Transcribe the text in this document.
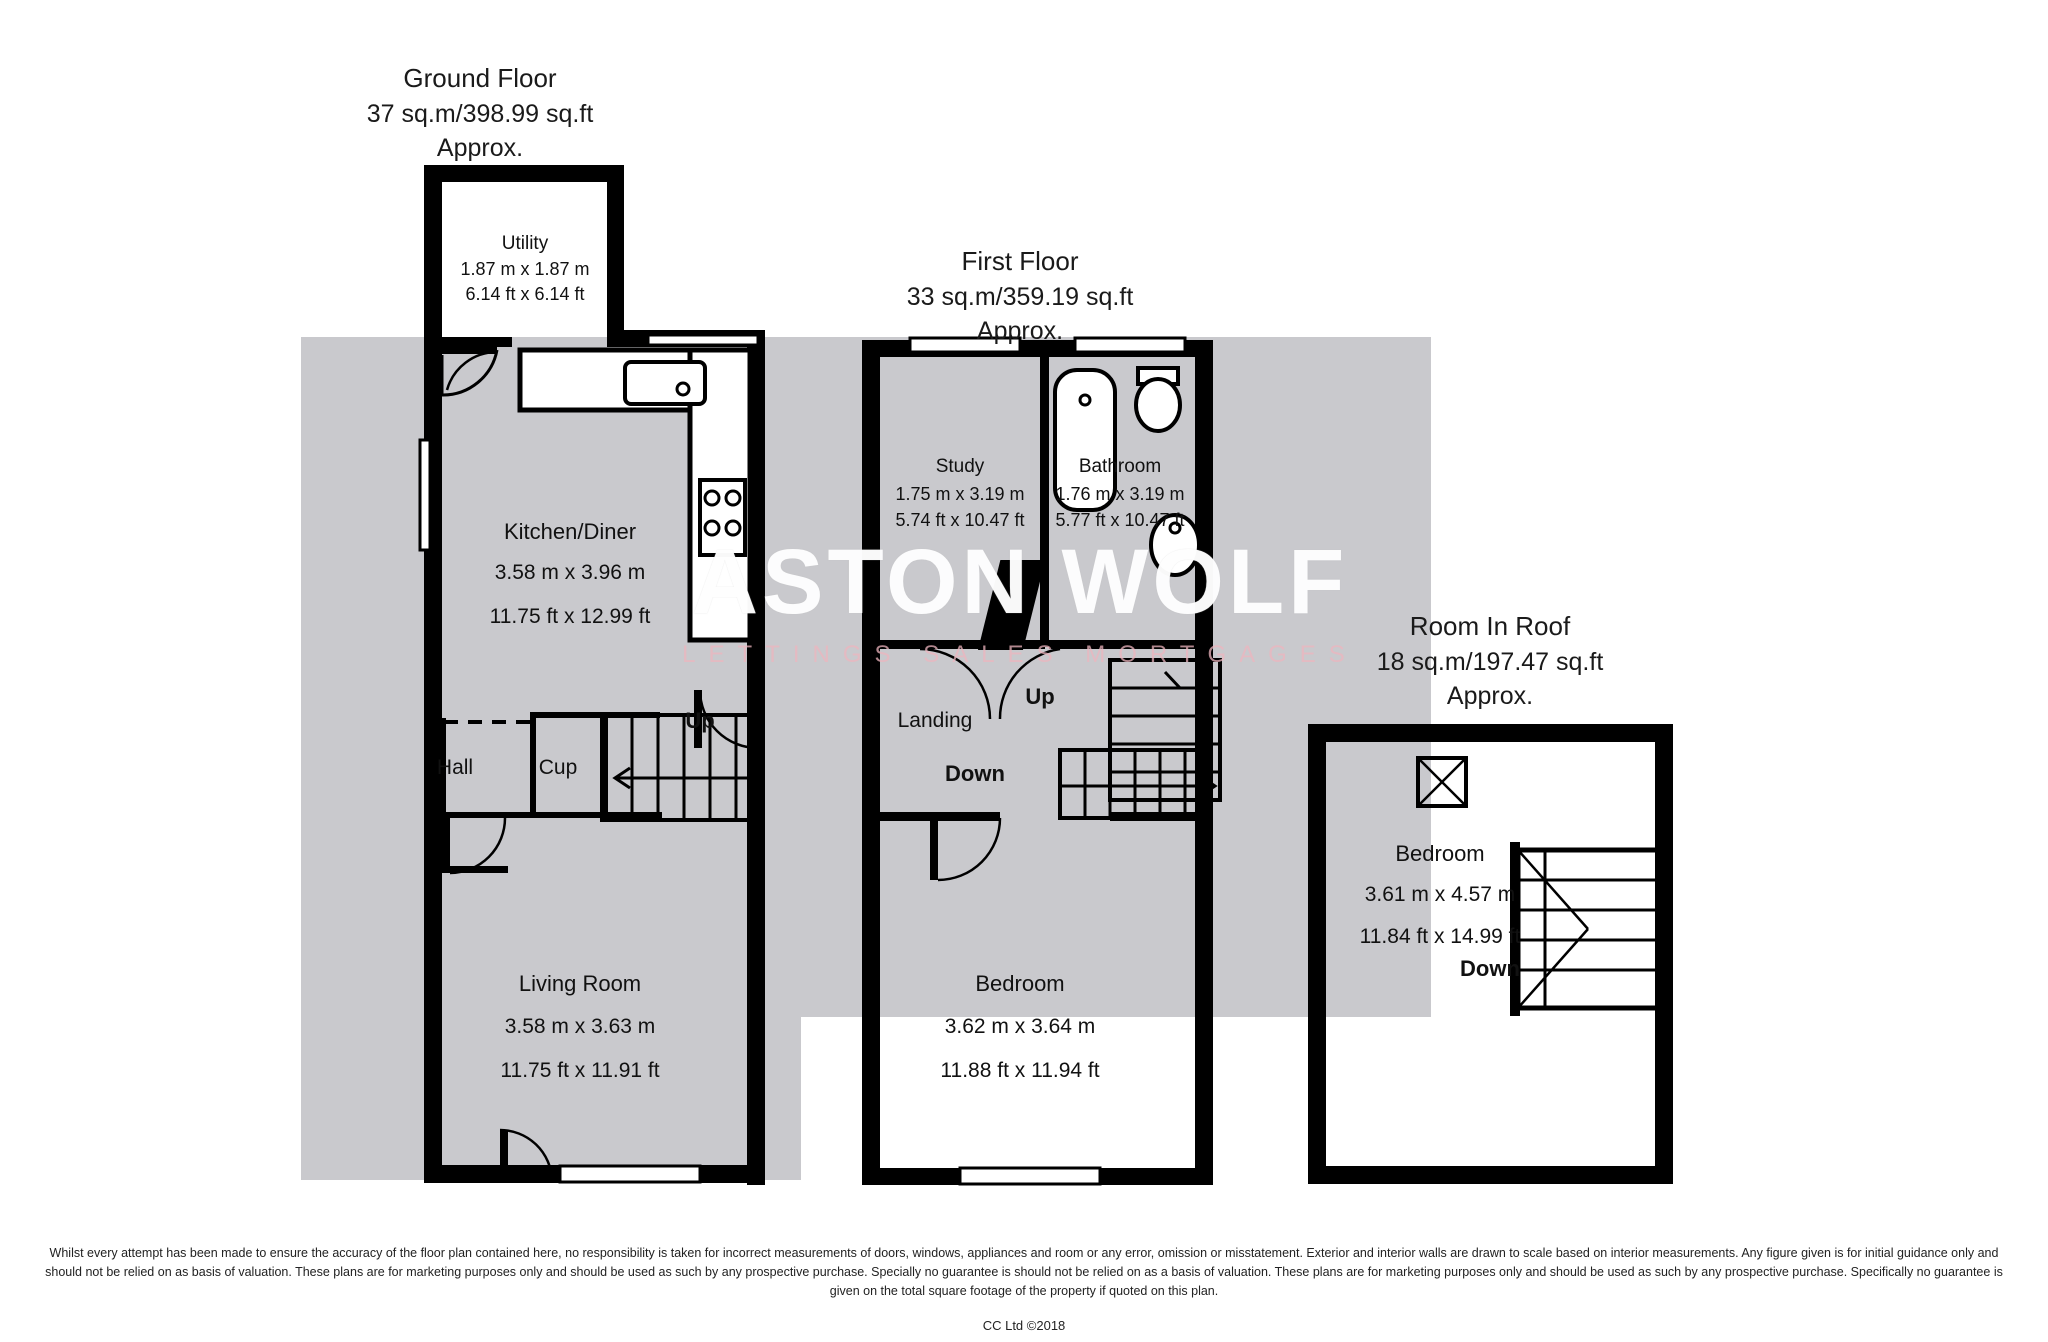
Ground Floor
37 sq.m/398.99 sq.ft
Approx.
First Floor
33 sq.m/359.19 sq.ft
Approx.
Room In Roof
18 sq.m/197.47 sq.ft
Approx.
Utility
1.87 m x 1.87 m
6.14 ft x 6.14 ft
Kitchen/Diner
3.58 m x 3.96 m
11.75 ft x 12.99 ft
Living Room
3.58 m x 3.63 m
11.75 ft x 11.91 ft
Hall	Cup
Up
Study
1.75 m x 3.19 m
5.74 ft x 10.47 ft
Bathroom
1.76 m x 3.19 m
5.77 ft x 10.47 ft
Landing
Up
Down
Bedroom
3.62 m x 3.64 m
11.88 ft x 11.94 ft
Bedroom
3.61 m x 4.57 m
11.84 ft x 14.99 ft
Down
ASTON WOLF
LETTINGS SALES MORTGAGES
Whilst every attempt has been made to ensure the accuracy of the floor plan contained here, no responsibility is taken for incorrect measurements of doors, windows, appliances and room or any error, omission or misstatement. Exterior and interior walls are drawn to scale based on interior measurements. Any figure given is for initial guidance only and should not be relied on as basis of valuation. These plans are for marketing purposes only and should be used as such by any prospective purchase. Specially no guarantee is should not be relied on as a basis of valuation. These plans are for marketing purposes only and should be used as such by any prospective purchase. Specifically no guarantee is given on the total square footage of the property if quoted on this plan.
CC Ltd ©2018
